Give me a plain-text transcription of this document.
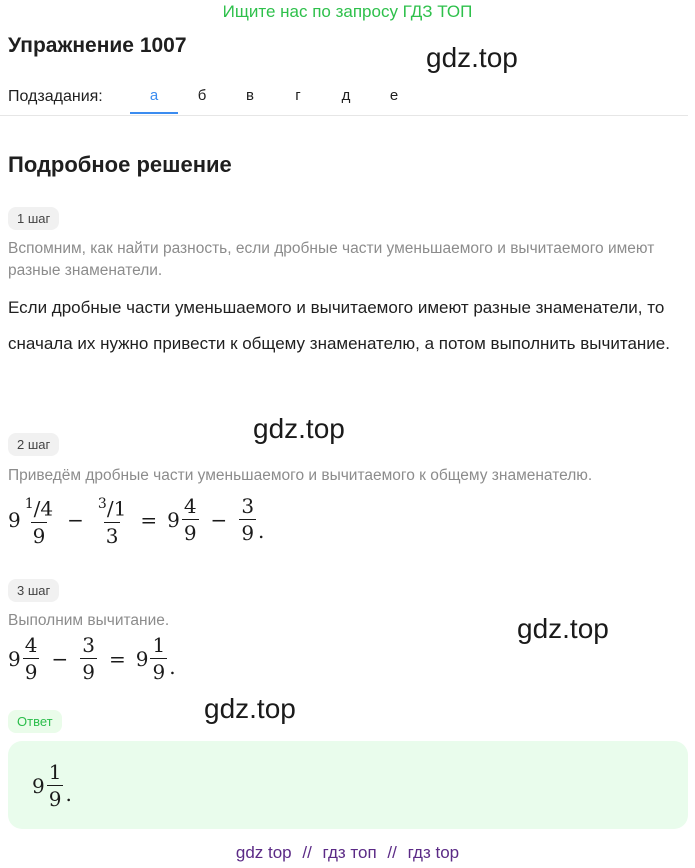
Ищите нас по запросу ГДЗ ТОП
Упражнение 1007	gdz.top
Подзадания:	а	б	в	г	д	е
Подробное решение
1 шаг
Вспомним, как найти разность, если дробные части уменьшаемого и вычитаемого имеют разные знаменатели.
Если дробные части уменьшаемого и вычитаемого имеют разные знаменатели, то сначала их нужно привести к общему знаменателю, а потом выполнить вычитание.
2 шаг
gdz.top
Приведём дробные части уменьшаемого и вычитаемого к общему знаменателю.
$9 \frac{^1/4}{9} - \frac{^3/1}{3} = 9 \frac{4}{9} - \frac{3}{9}$ .
3 шаг
Выполним вычитание.	gdz.top
$9 \frac{4}{9} - \frac{3}{9} = 9 \frac{1}{9}$ .
Ответ	gdz.top
$9 \frac{1}{9}$ .
gdz top // гдз топ // гдз top
